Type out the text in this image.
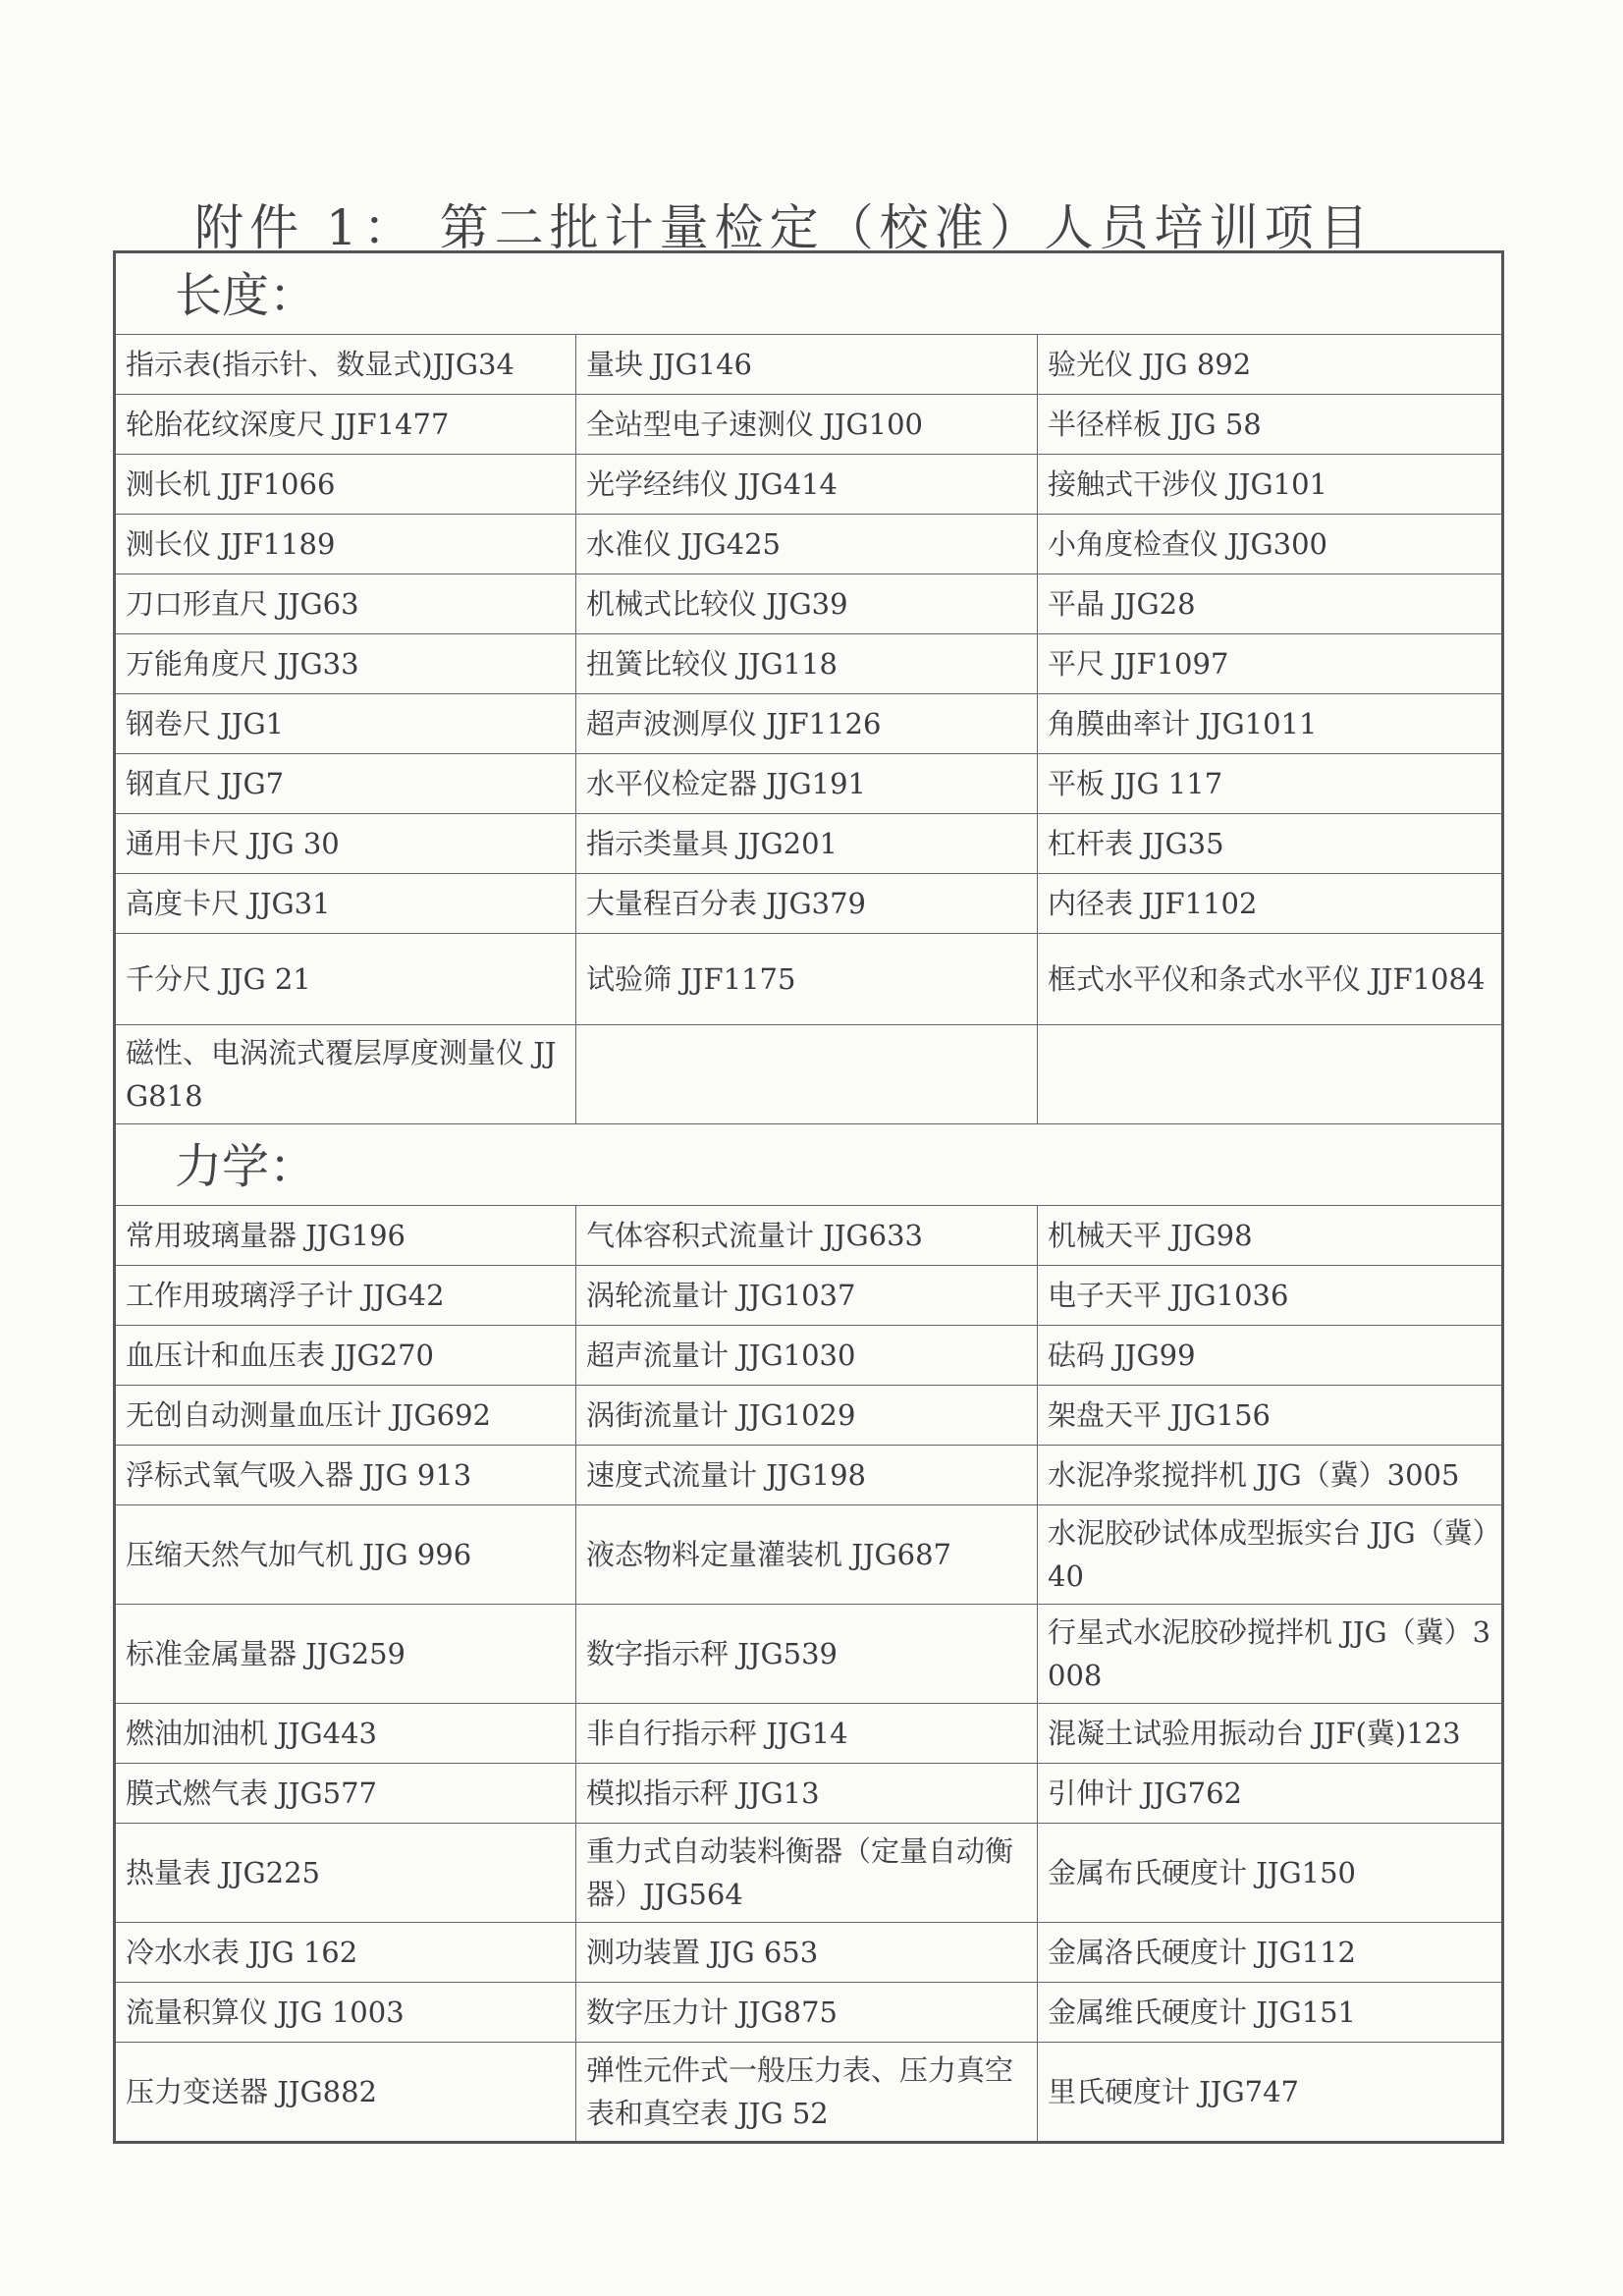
附件 1： 第二批计量检定（校准）人员培训项目
长度：		
指示表(指示针、数显式)JJG34	量块 JJG146	验光仪 JJG 892
轮胎花纹深度尺 JJF1477	全站型电子速测仪 JJG100	半径样板 JJG 58
测长机 JJF1066	光学经纬仪 JJG414	接触式干涉仪 JJG101
测长仪 JJF1189	水准仪 JJG425	小角度检查仪 JJG300
刀口形直尺 JJG63	机械式比较仪 JJG39	平晶 JJG28
万能角度尺 JJG33	扭簧比较仪 JJG118	平尺 JJF1097
钢卷尺 JJG1	超声波测厚仪 JJF1126	角膜曲率计 JJG1011
钢直尺 JJG7	水平仪检定器 JJG191	平板 JJG 117
通用卡尺 JJG 30	指示类量具 JJG201	杠杆表 JJG35
高度卡尺 JJG31	大量程百分表 JJG379	内径表 JJF1102
千分尺 JJG 21	试验筛 JJF1175	框式水平仪和条式水平仪 JJF1084
磁性、电涡流式覆层厚度测量仪 JJG818		
力学：		
常用玻璃量器 JJG196	气体容积式流量计 JJG633	机械天平 JJG98
工作用玻璃浮子计 JJG42	涡轮流量计 JJG1037	电子天平 JJG1036
血压计和血压表 JJG270	超声流量计 JJG1030	砝码 JJG99
无创自动测量血压计 JJG692	涡街流量计 JJG1029	架盘天平 JJG156
浮标式氧气吸入器 JJG 913	速度式流量计 JJG198	水泥净浆搅拌机 JJG（冀）3005
压缩天然气加气机 JJG 996	液态物料定量灌装机 JJG687	水泥胶砂试体成型振实台 JJG（冀）40
标准金属量器 JJG259	数字指示秤 JJG539	行星式水泥胶砂搅拌机 JJG（冀）3008
燃油加油机 JJG443	非自行指示秤 JJG14	混凝土试验用振动台 JJF(冀)123
膜式燃气表 JJG577	模拟指示秤 JJG13	引伸计 JJG762
热量表 JJG225	重力式自动装料衡器（定量自动衡器）JJG564	金属布氏硬度计 JJG150
冷水水表 JJG 162	测功装置 JJG 653	金属洛氏硬度计 JJG112
流量积算仪 JJG 1003	数字压力计 JJG875	金属维氏硬度计 JJG151
压力变送器 JJG882	弹性元件式一般压力表、压力真空表和真空表 JJG 52	里氏硬度计 JJG747
